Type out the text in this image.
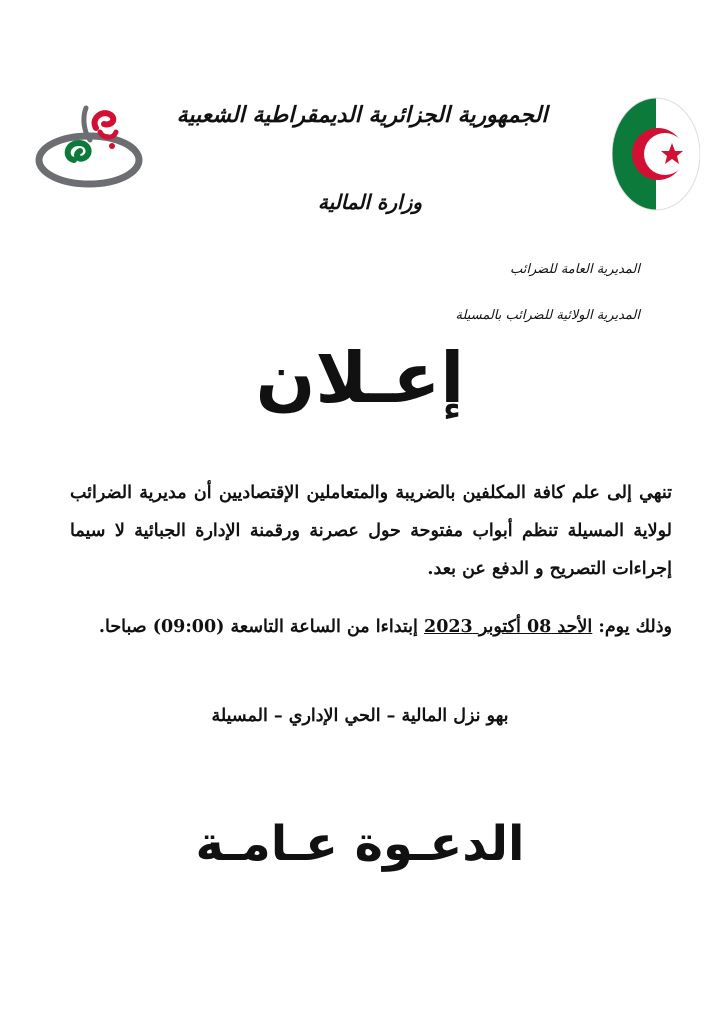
الجمهورية الجزائرية الديمقراطية الشعبية
وزارة المالية
المديرية العامة للضرائب
المديرية الولائية للضرائب بالمسيلة
إعـلان
تنهي إلى علم كافة المكلفين بالضريبة والمتعاملين الإقتصاديين أن مديرية الضرائب لولاية المسيلة تنظم أبواب مفتوحة حول عصرنة ورقمنة الإدارة الجبائية لا سيما إجراءات التصريح و الدفع عن بعد.
وذلك يوم: الأحد 08 أكتوبر 2023 إبتداءا من الساعة التاسعة (09:00) صباحا.
بهو نزل المالية – الحي الإداري – المسيلة
الدعـوة عـامـة
